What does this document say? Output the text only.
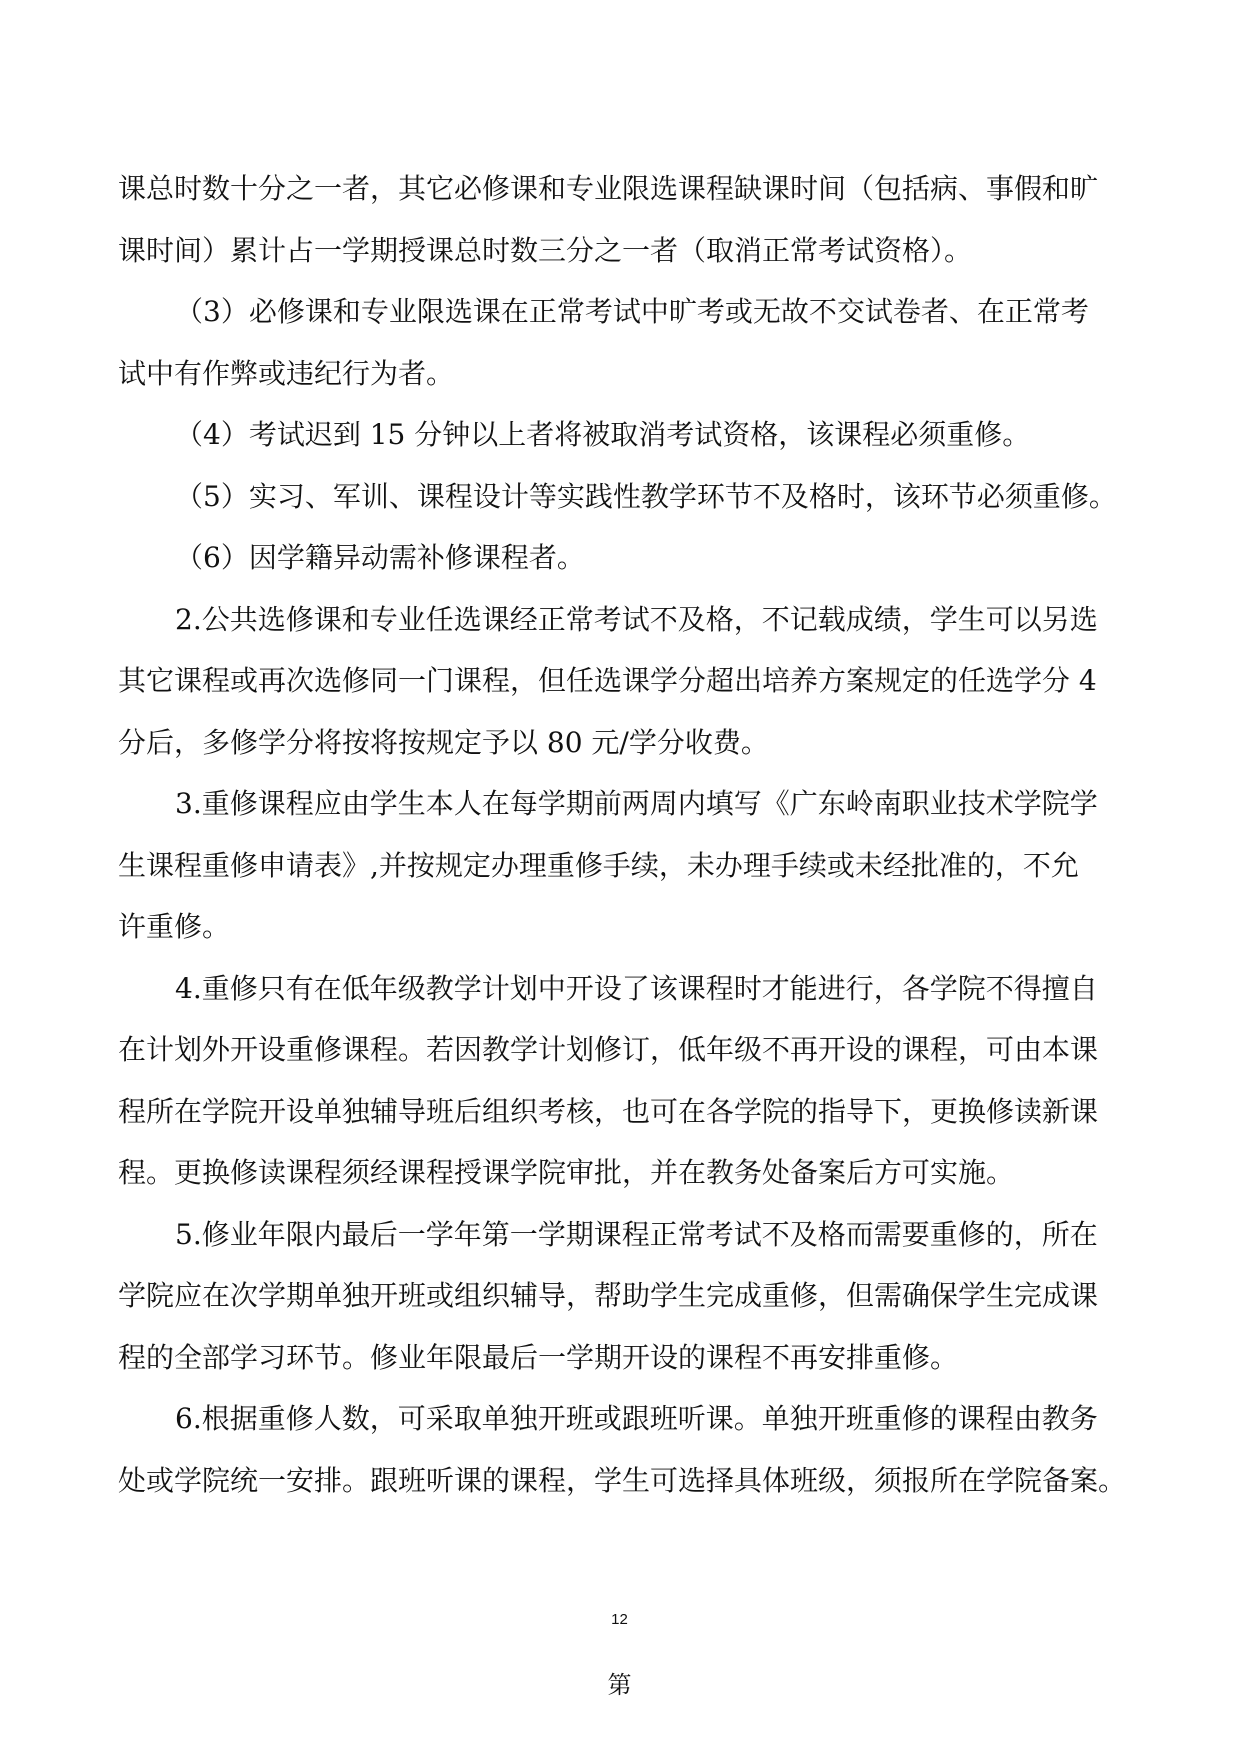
课总时数十分之一者，其它必修课和专业限选课程缺课时间（包括病、事假和旷
课时间）累计占一学期授课总时数三分之一者（取消正常考试资格）。
（3）必修课和专业限选课在正常考试中旷考或无故不交试卷者、在正常考
试中有作弊或违纪行为者。
（4）考试迟到 15 分钟以上者将被取消考试资格，该课程必须重修。
（5）实习、军训、课程设计等实践性教学环节不及格时，该环节必须重修。
（6）因学籍异动需补修课程者。
2.公共选修课和专业任选课经正常考试不及格，不记载成绩，学生可以另选
其它课程或再次选修同一门课程，但任选课学分超出培养方案规定的任选学分 4
分后，多修学分将按将按规定予以 80 元/学分收费。
3.重修课程应由学生本人在每学期前两周内填写《广东岭南职业技术学院学
生课程重修申请表》,并按规定办理重修手续，未办理手续或未经批准的，不允
许重修。
4.重修只有在低年级教学计划中开设了该课程时才能进行，各学院不得擅自
在计划外开设重修课程。若因教学计划修订，低年级不再开设的课程，可由本课
程所在学院开设单独辅导班后组织考核，也可在各学院的指导下，更换修读新课
程。更换修读课程须经课程授课学院审批，并在教务处备案后方可实施。
5.修业年限内最后一学年第一学期课程正常考试不及格而需要重修的，所在
学院应在次学期单独开班或组织辅导，帮助学生完成重修，但需确保学生完成课
程的全部学习环节。修业年限最后一学期开设的课程不再安排重修。
6.根据重修人数，可采取单独开班或跟班听课。单独开班重修的课程由教务
处或学院统一安排。跟班听课的课程，学生可选择具体班级，须报所在学院备案。
12
第
